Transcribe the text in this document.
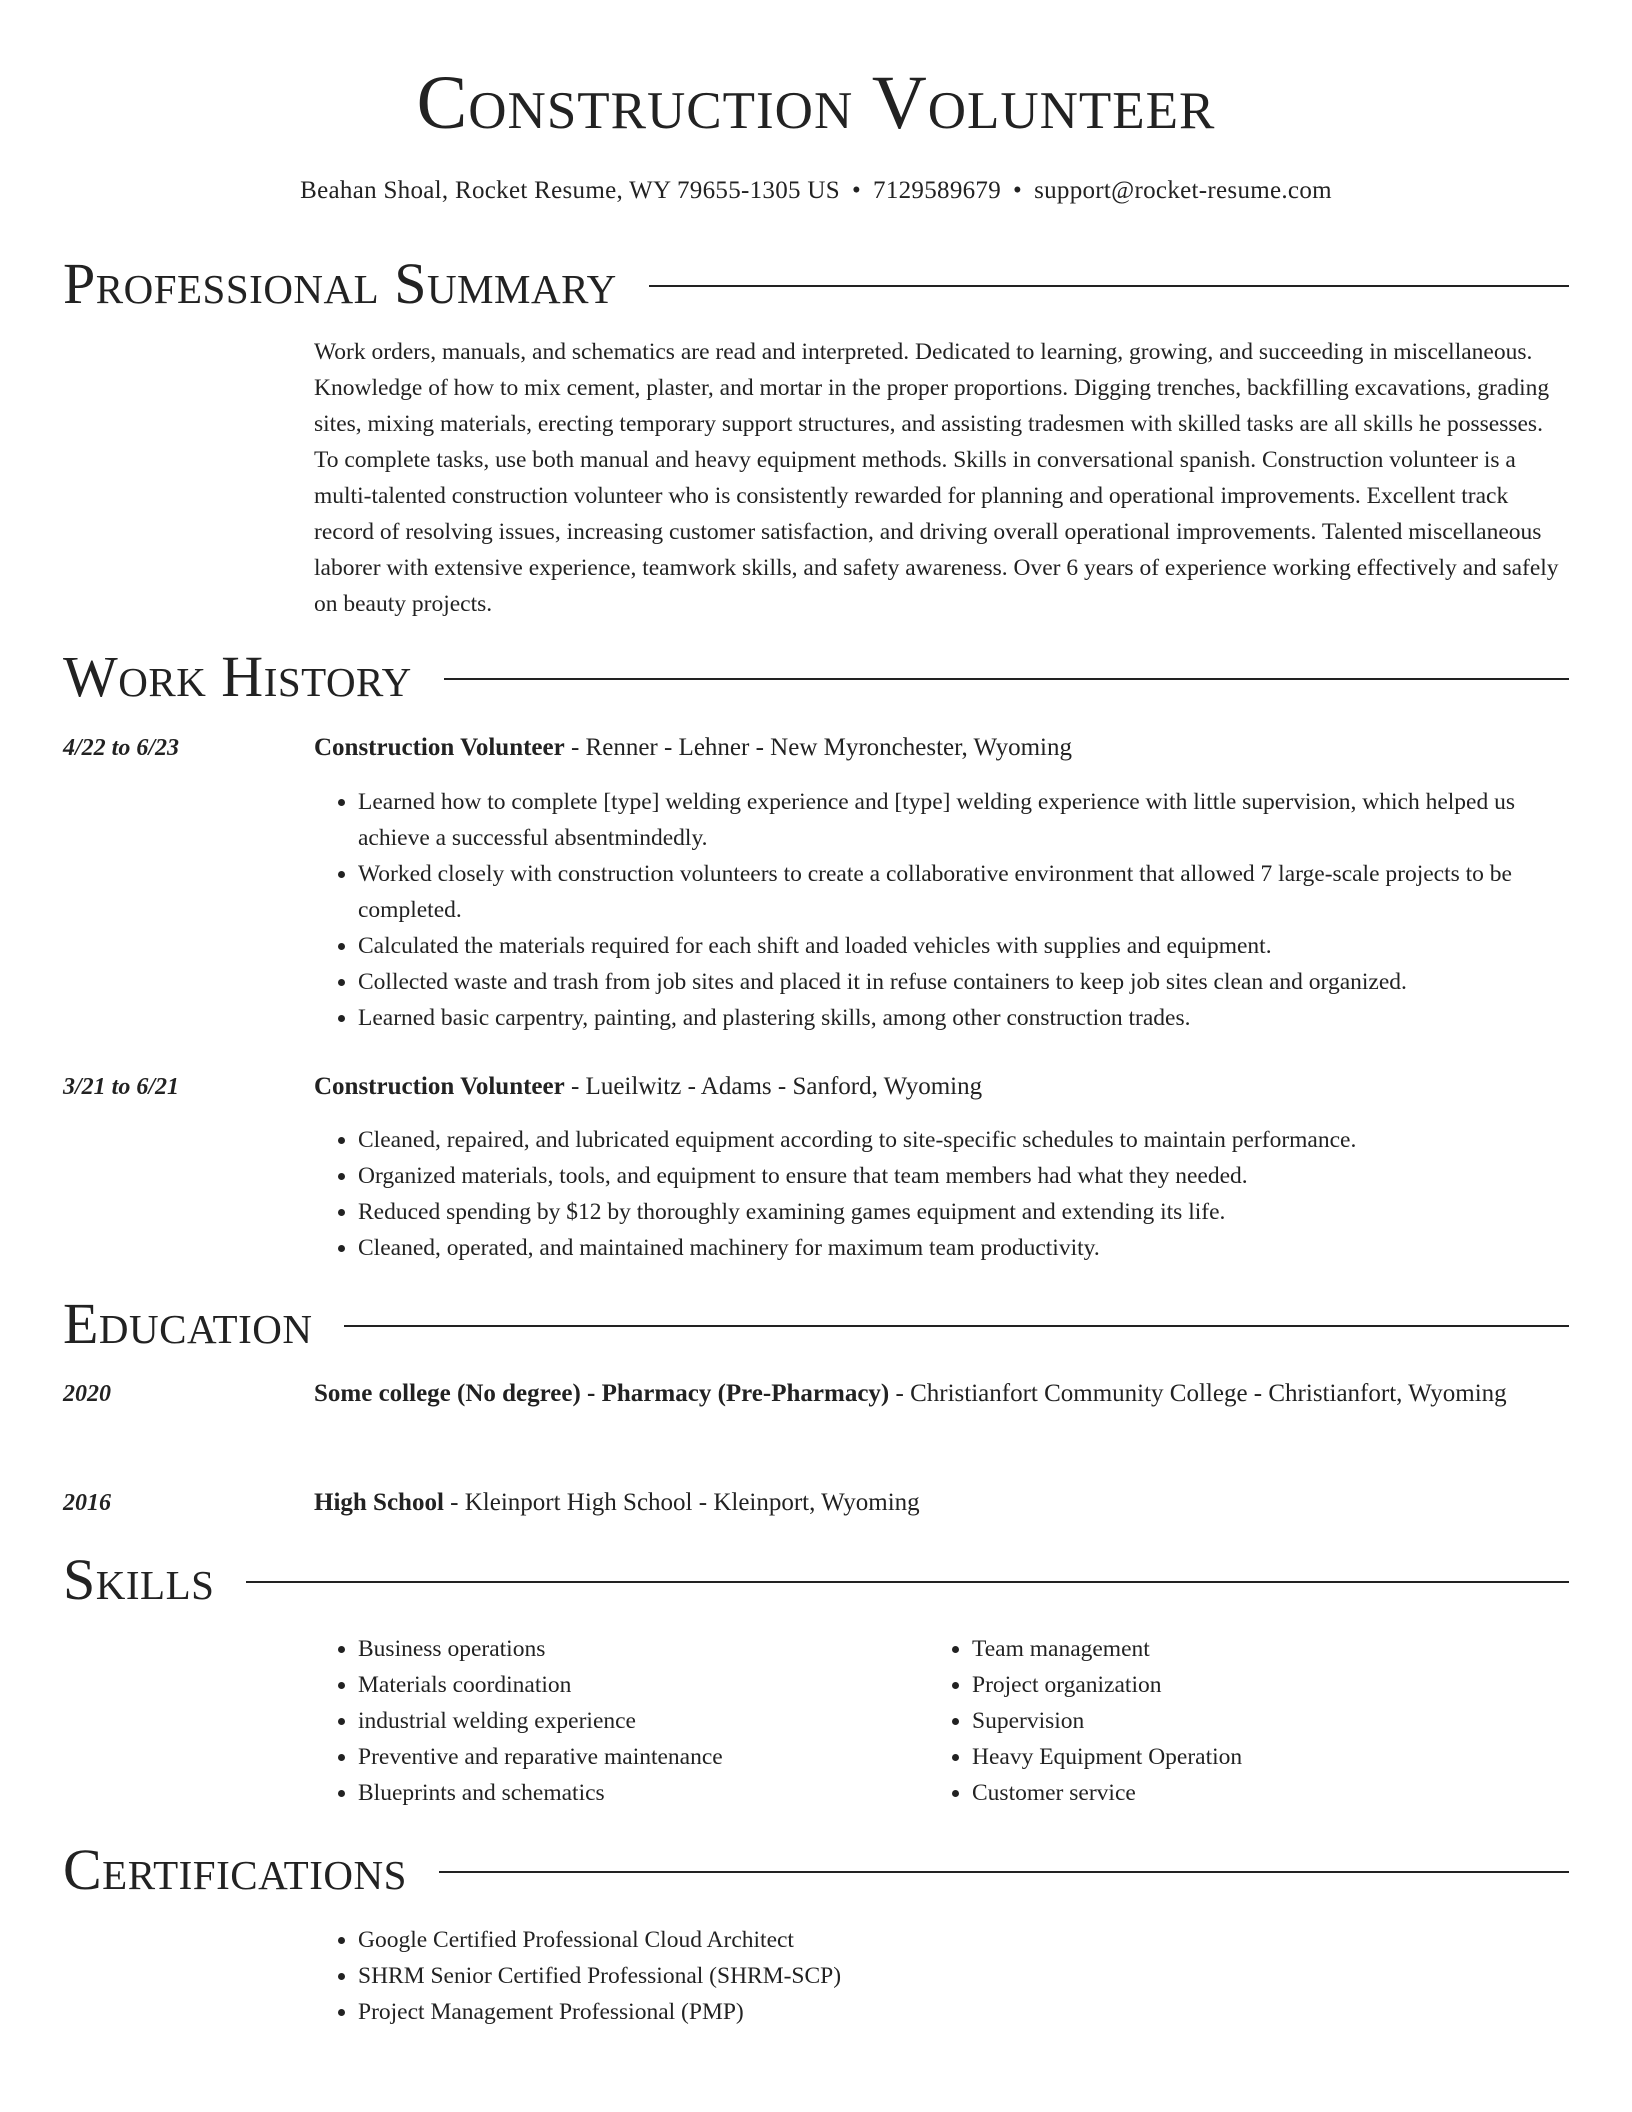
Construction Volunteer
Beahan Shoal, Rocket Resume, WY 79655-1305 US • 7129589679 • support@rocket-resume.com
Professional Summary
Work orders, manuals, and schematics are read and interpreted. Dedicated to learning, growing, and succeeding in miscellaneous. Knowledge of how to mix cement, plaster, and mortar in the proper proportions. Digging trenches, backfilling excavations, grading sites, mixing materials, erecting temporary support structures, and assisting tradesmen with skilled tasks are all skills he possesses. To complete tasks, use both manual and heavy equipment methods. Skills in conversational spanish. Construction volunteer is a multi-talented construction volunteer who is consistently rewarded for planning and operational improvements. Excellent track record of resolving issues, increasing customer satisfaction, and driving overall operational improvements. Talented miscellaneous laborer with extensive experience, teamwork skills, and safety awareness. Over 6 years of experience working effectively and safely on beauty projects.
Work History
4/22 to 6/23	Construction Volunteer - Renner - Lehner - New Myronchester, Wyoming
• Learned how to complete [type] welding experience and [type] welding experience with little supervision, which helped us achieve a successful absentmindedly.
• Worked closely with construction volunteers to create a collaborative environment that allowed 7 large-scale projects to be completed.
• Calculated the materials required for each shift and loaded vehicles with supplies and equipment.
• Collected waste and trash from job sites and placed it in refuse containers to keep job sites clean and organized.
• Learned basic carpentry, painting, and plastering skills, among other construction trades.
3/21 to 6/21	Construction Volunteer - Lueilwitz - Adams - Sanford, Wyoming
• Cleaned, repaired, and lubricated equipment according to site-specific schedules to maintain performance.
• Organized materials, tools, and equipment to ensure that team members had what they needed.
• Reduced spending by $12 by thoroughly examining games equipment and extending its life.
• Cleaned, operated, and maintained machinery for maximum team productivity.
Education
2020	Some college (No degree) - Pharmacy (Pre-Pharmacy) - Christianfort Community College - Christianfort, Wyoming
2016	High School - Kleinport High School - Kleinport, Wyoming
Skills
• Business operations
• Materials coordination
• industrial welding experience
• Preventive and reparative maintenance
• Blueprints and schematics
• Team management
• Project organization
• Supervision
• Heavy Equipment Operation
• Customer service
Certifications
• Google Certified Professional Cloud Architect
• SHRM Senior Certified Professional (SHRM-SCP)
• Project Management Professional (PMP)
